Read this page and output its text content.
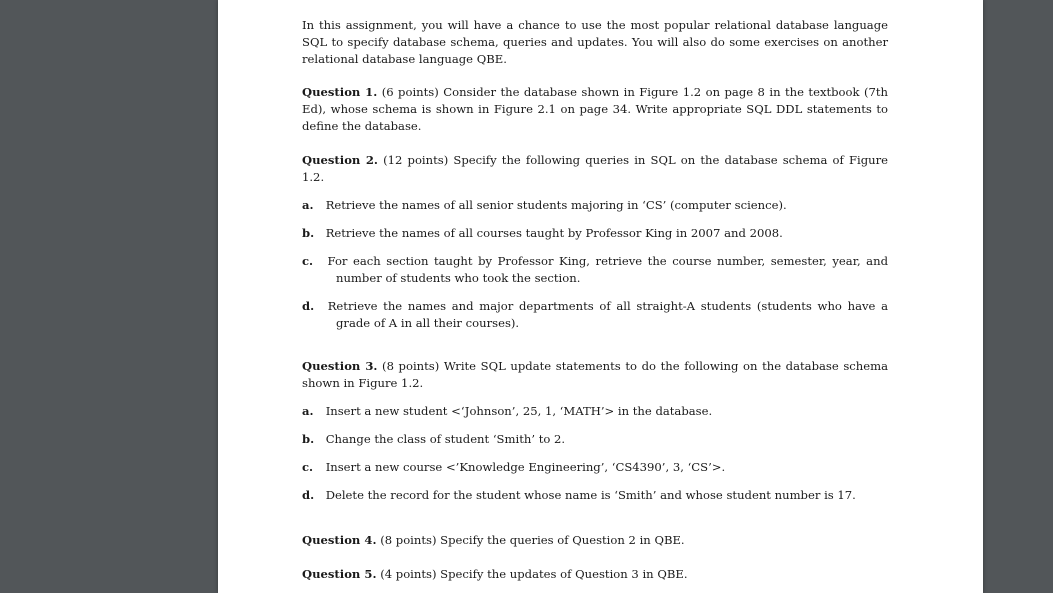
In this assignment, you will have a chance to use the most popular relational database language SQL to specify database schema, queries and updates. You will also do some exercises on another relational database language QBE.

Question 1. (6 points) Consider the database shown in Figure 1.2 on page 8 in the textbook (7th Ed), whose schema is shown in Figure 2.1 on page 34. Write appropriate SQL DDL statements to define the database.

Question 2. (12 points) Specify the following queries in SQL on the database schema of Figure 1.2.

a. Retrieve the names of all senior students majoring in ‘CS’ (computer science).

b. Retrieve the names of all courses taught by Professor King in 2007 and 2008.

c. For each section taught by Professor King, retrieve the course number, semester, year, and number of students who took the section.

d. Retrieve the names and major departments of all straight-A students (students who have a grade of A in all their courses).

Question 3. (8 points) Write SQL update statements to do the following on the database schema shown in Figure 1.2.

a. Insert a new student <‘Johnson’, 25, 1, ‘MATH’> in the database.

b. Change the class of student ‘Smith’ to 2.

c. Insert a new course <’Knowledge Engineering’, ‘CS4390’, 3, ‘CS’>.

d. Delete the record for the student whose name is ‘Smith’ and whose student number is 17.

Question 4. (8 points) Specify the queries of Question 2 in QBE.

Question 5. (4 points) Specify the updates of Question 3 in QBE.
